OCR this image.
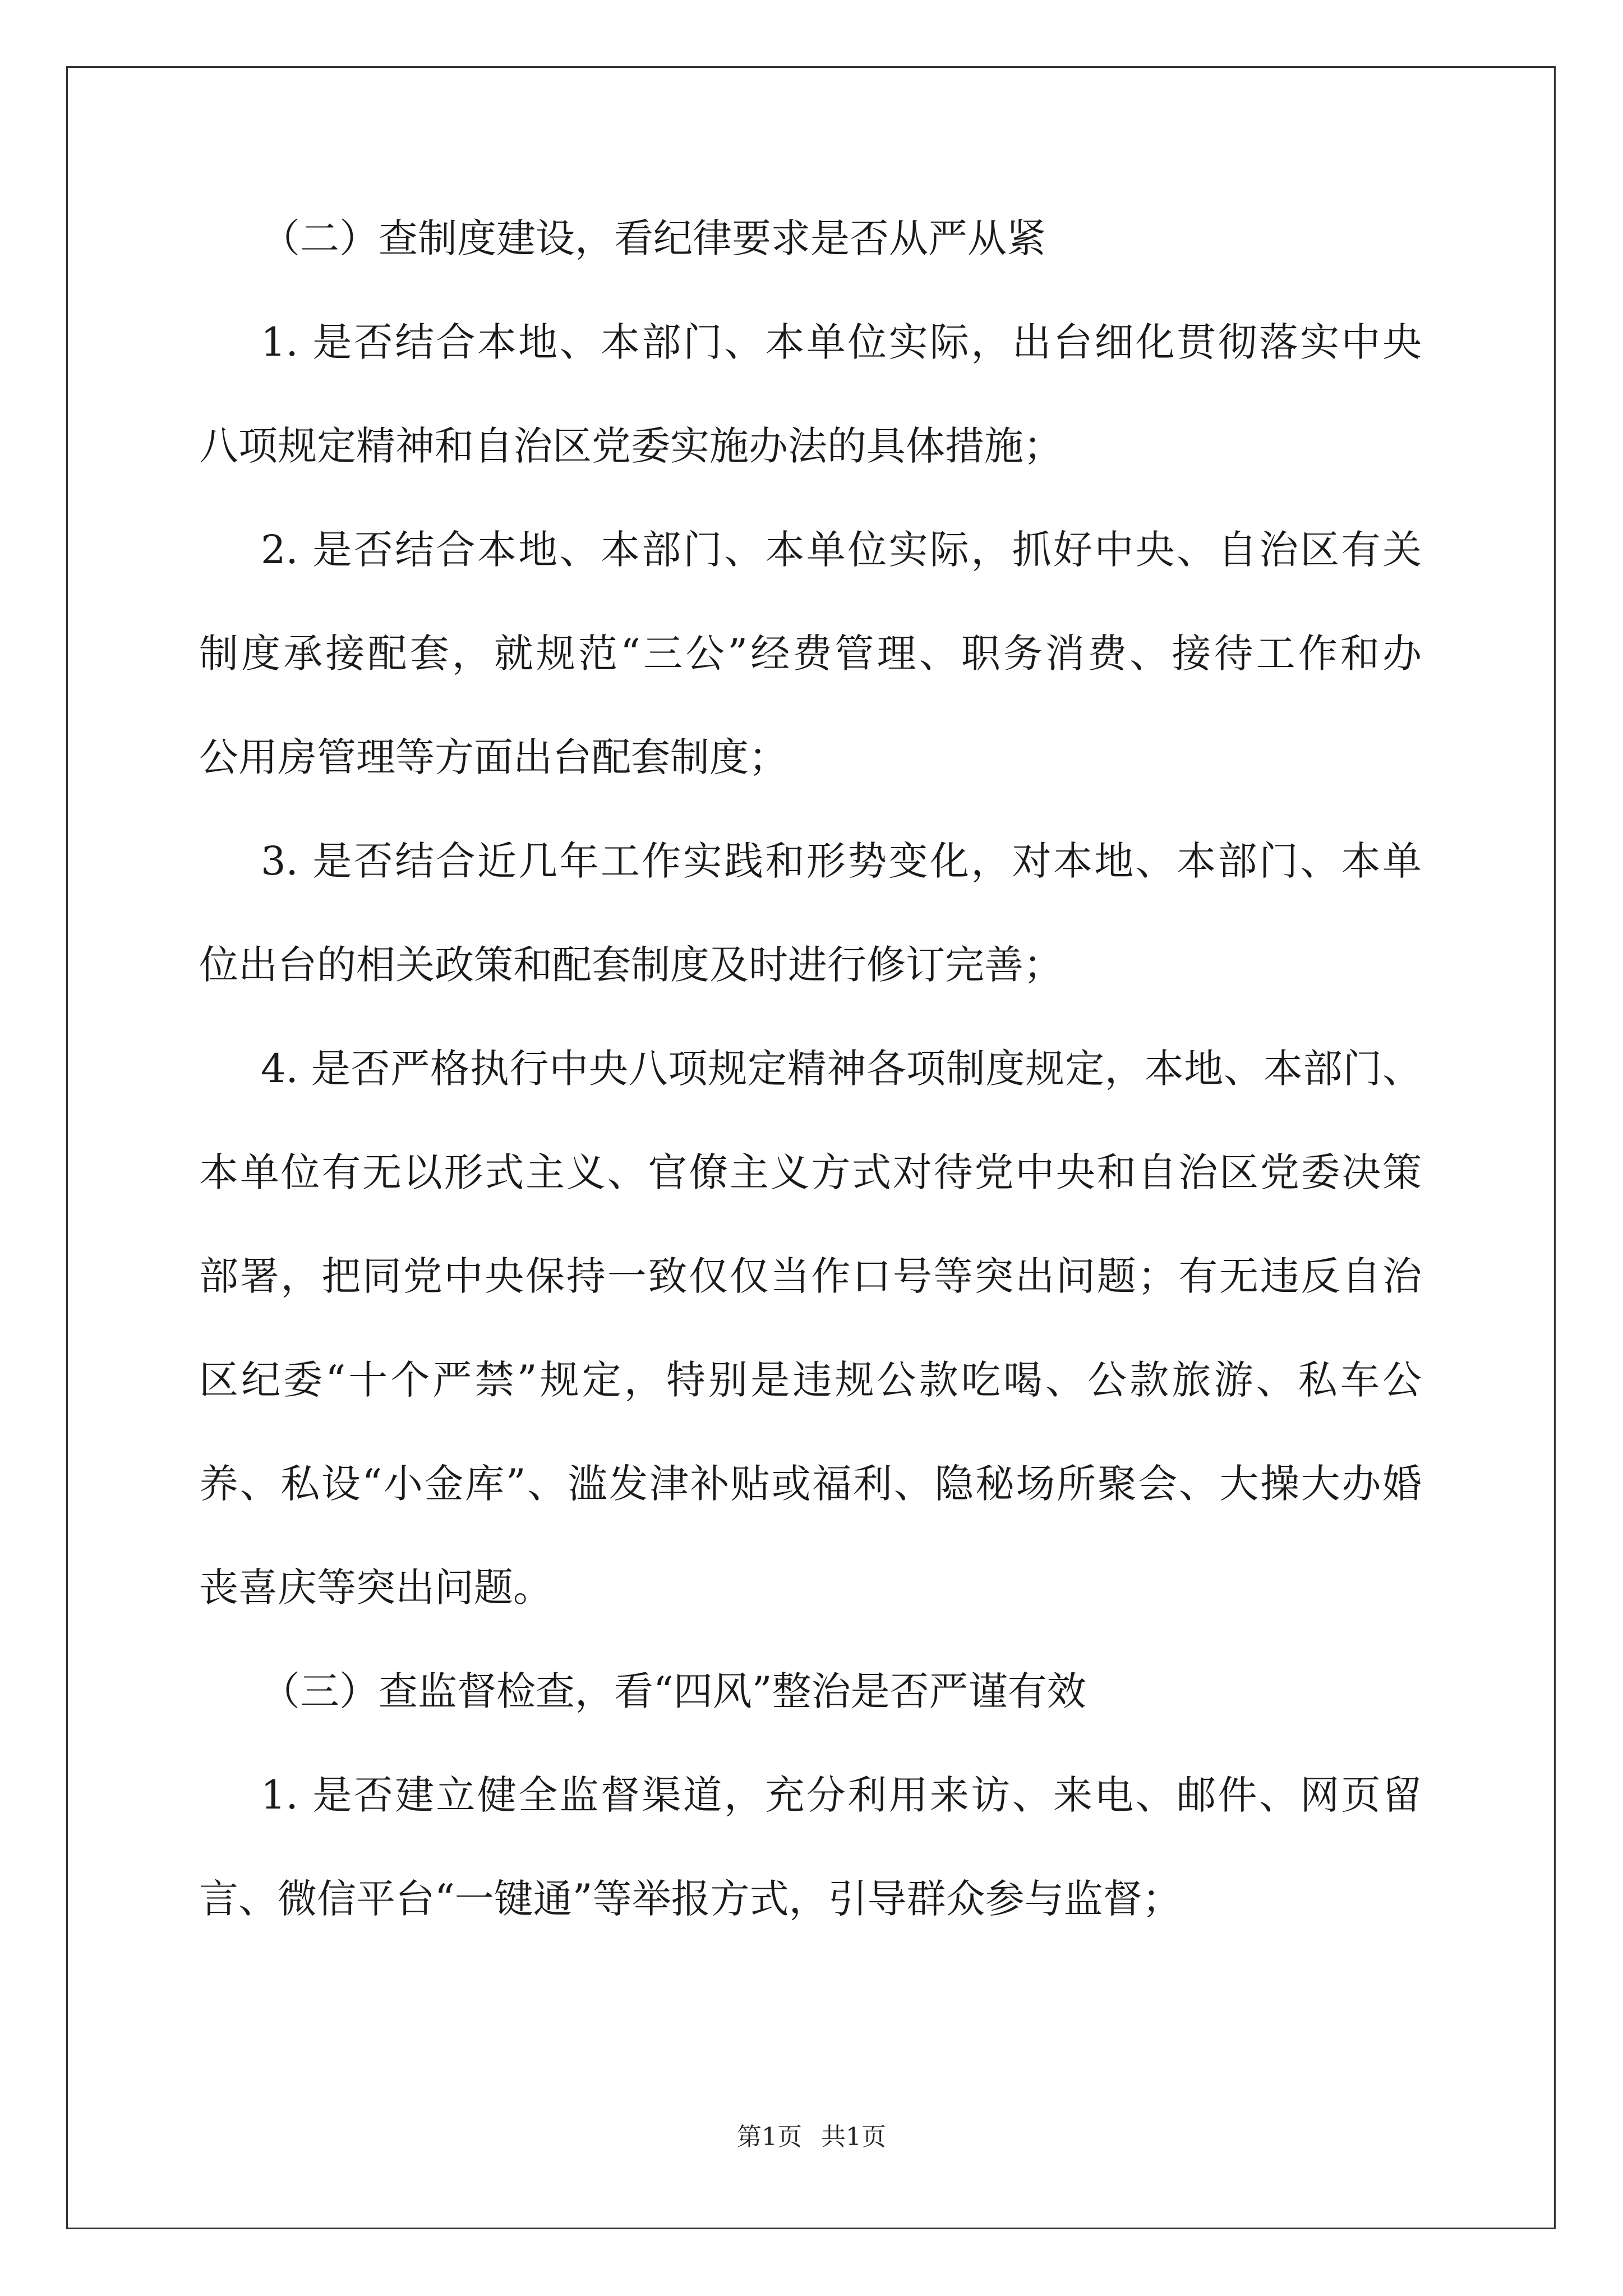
（二）查制度建设，看纪律要求是否从严从紧
1. 是否结合本地、本部门、本单位实际，出台细化贯彻落实中央
八项规定精神和自治区党委实施办法的具体措施；
2. 是否结合本地、本部门、本单位实际，抓好中央、自治区有关
制度承接配套，就规范“三公”经费管理、职务消费、接待工作和办
公用房管理等方面出台配套制度；
3. 是否结合近几年工作实践和形势变化，对本地、本部门、本单
位出台的相关政策和配套制度及时进行修订完善；
4. 是否严格执行中央八项规定精神各项制度规定，本地、本部门、
本单位有无以形式主义、官僚主义方式对待党中央和自治区党委决策
部署，把同党中央保持一致仅仅当作口号等突出问题；有无违反自治
区纪委“十个严禁”规定，特别是违规公款吃喝、公款旅游、私车公
养、私设“小金库”、滥发津补贴或福利、隐秘场所聚会、大操大办婚
丧喜庆等突出问题。
（三）查监督检查，看“四风”整治是否严谨有效
1. 是否建立健全监督渠道，充分利用来访、来电、邮件、网页留
言、微信平台“一键通”等举报方式，引导群众参与监督；
第1页 共1页
